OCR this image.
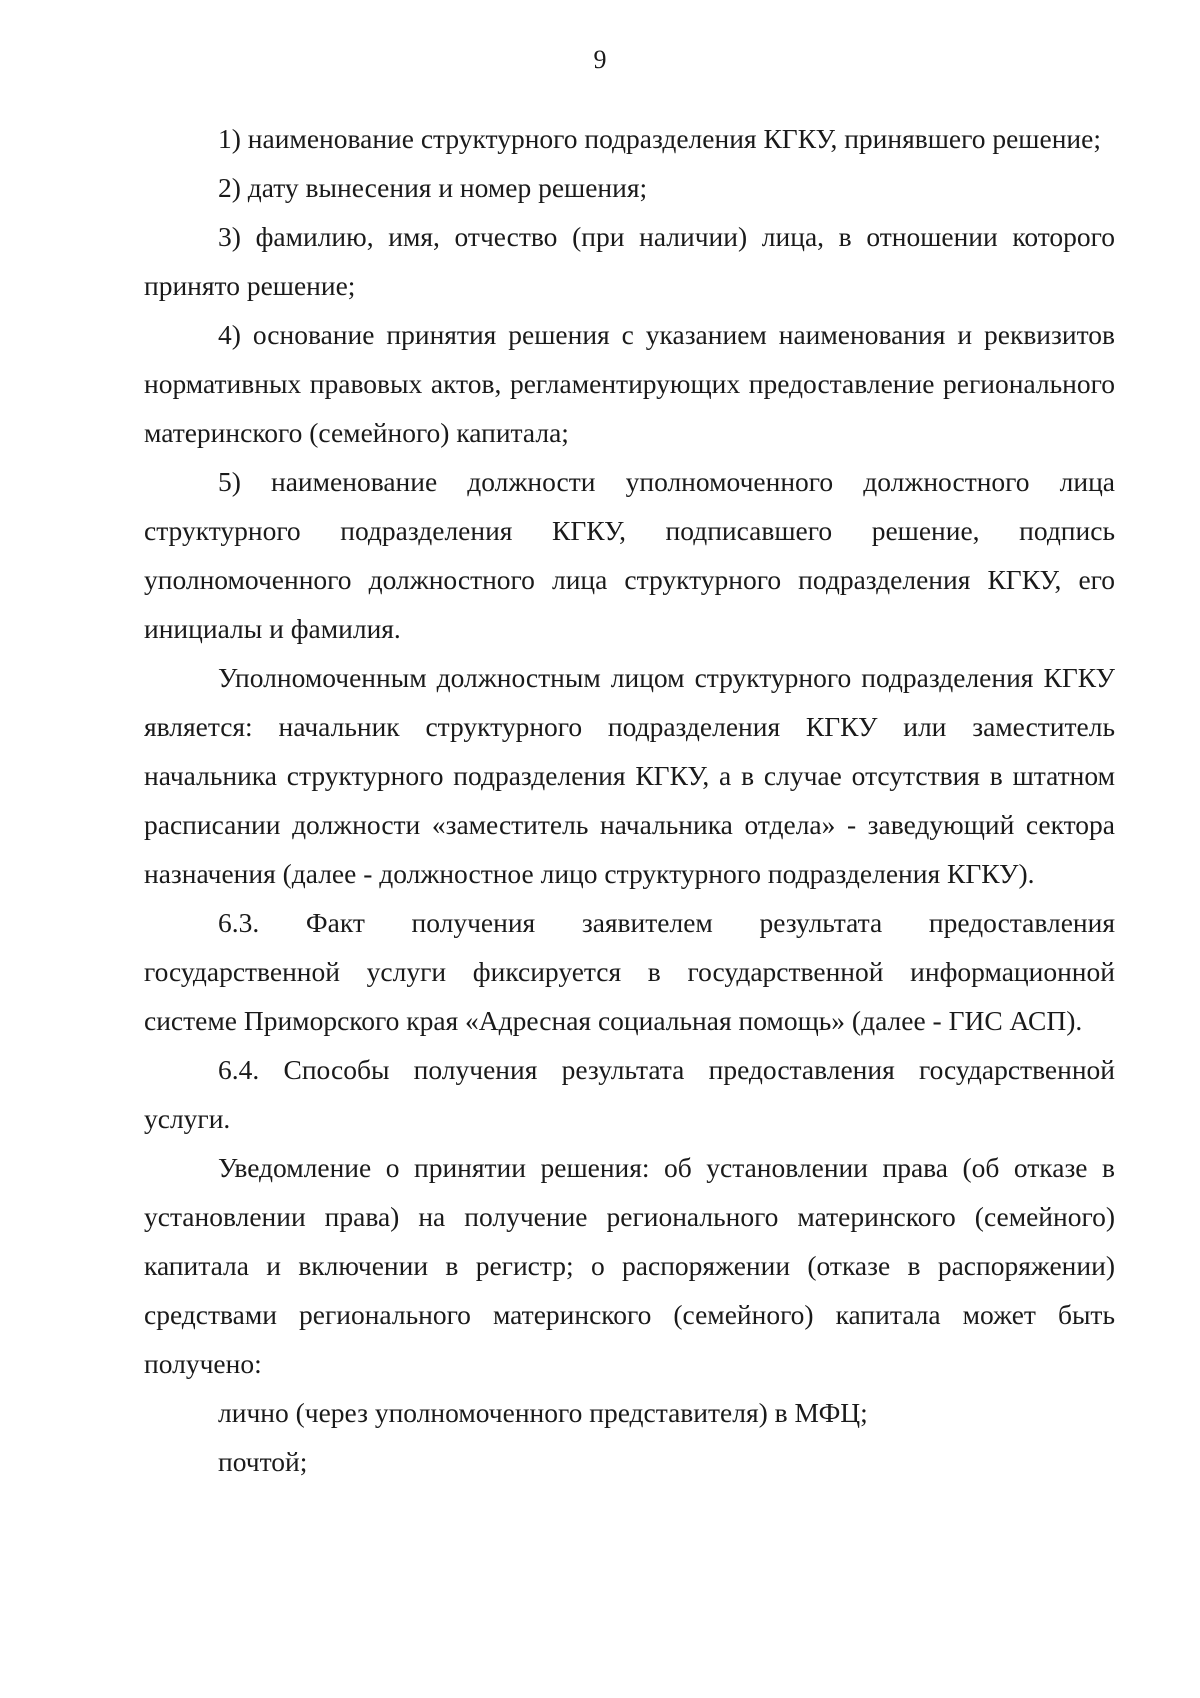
9

1) наименование структурного подразделения КГКУ, принявшего решение;

2) дату вынесения и номер решения;

3) фамилию, имя, отчество (при наличии) лица, в отношении которого принято решение;

4) основание принятия решения с указанием наименования и реквизитов нормативных правовых актов, регламентирующих предоставление регионального материнского (семейного) капитала;

5) наименование должности уполномоченного должностного лица структурного подразделения КГКУ, подписавшего решение, подпись уполномоченного должностного лица структурного подразделения КГКУ, его инициалы и фамилия.

Уполномоченным должностным лицом структурного подразделения КГКУ является: начальник структурного подразделения КГКУ или заместитель начальника структурного подразделения КГКУ, а в случае отсутствия в штатном расписании должности «заместитель начальника отдела» - заведующий сектора назначения (далее - должностное лицо структурного подразделения КГКУ).

6.3. Факт получения заявителем результата предоставления государственной услуги фиксируется в государственной информационной системе Приморского края «Адресная социальная помощь» (далее - ГИС АСП).

6.4. Способы получения результата предоставления государственной услуги.

Уведомление о принятии решения: об установлении права (об отказе в установлении права) на получение регионального материнского (семейного) капитала и включении в регистр; о распоряжении (отказе в распоряжении) средствами регионального материнского (семейного) капитала может быть получено:

лично (через уполномоченного представителя) в МФЦ;

почтой;
